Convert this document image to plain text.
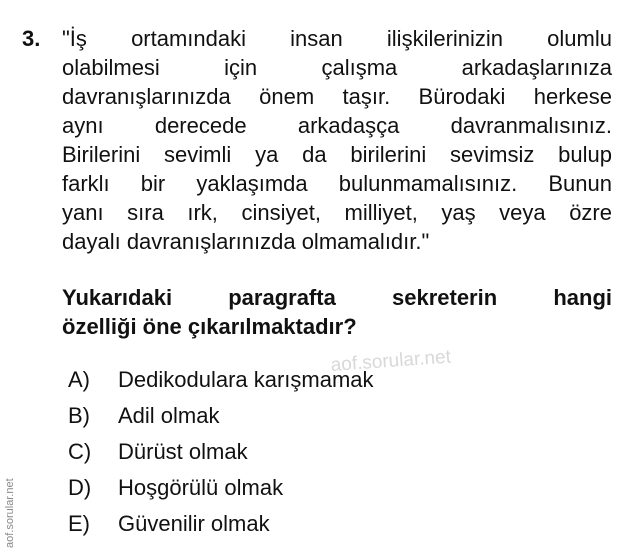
3. "İş ortamındaki insan ilişkilerinizin olumlu
olabilmesi için çalışma arkadaşlarınıza
davranışlarınızda önem taşır. Bürodaki herkese
aynı derecede arkadaşça davranmalısınız.
Birilerini sevimli ya da birilerini sevimsiz bulup
farklı bir yaklaşımda bulunmamalısınız. Bunun
yanı sıra ırk, cinsiyet, milliyet, yaş veya özre
dayalı davranışlarınızda olmamalıdır."
Yukarıdaki paragrafta sekreterin hangi
özelliği öne çıkarılmaktadır?
A)	Dedikodulara karışmamak
B)	Adil olmak
C)	Dürüst olmak
D)	Hoşgörülü olmak
E)	Güvenilir olmak
aof.sorular.net
aof.sorular.net
